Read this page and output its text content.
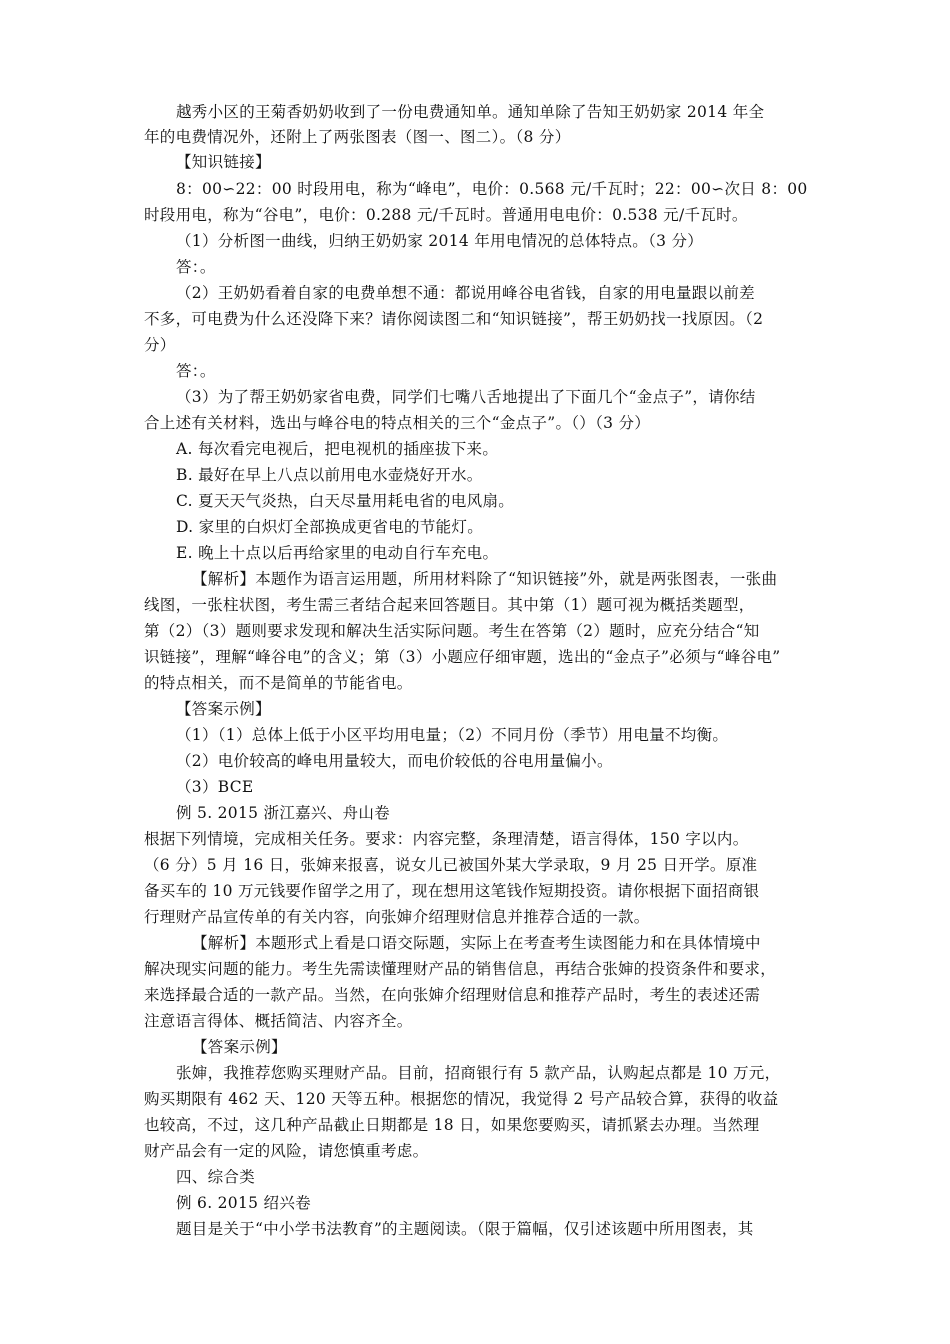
越秀小区的王菊香奶奶收到了一份电费通知单。通知单除了告知王奶奶家 2014 年全
年的电费情况外，还附上了两张图表（图一、图二）。（8 分）
【知识链接】
8：00∽22：00 时段用电，称为“峰电”，电价：0.568 元/千瓦时；22：00∽次日 8：00
时段用电，称为“谷电”，电价：0.288 元/千瓦时。普通用电电价：0.538 元/千瓦时。
（1）分析图一曲线，归纳王奶奶家 2014 年用电情况的总体特点。（3 分）
答：。
（2）王奶奶看着自家的电费单想不通：都说用峰谷电省钱，自家的用电量跟以前差
不多，可电费为什么还没降下来？请你阅读图二和“知识链接”，帮王奶奶找一找原因。（2
分）
答：。
（3）为了帮王奶奶家省电费，同学们七嘴八舌地提出了下面几个“金点子”，请你结
合上述有关材料，选出与峰谷电的特点相关的三个“金点子”。（）（3 分）
A. 每次看完电视后，把电视机的插座拔下来。
B. 最好在早上八点以前用电水壶烧好开水。
C. 夏天天气炎热，白天尽量用耗电省的电风扇。
D. 家里的白炽灯全部换成更省电的节能灯。
E. 晚上十点以后再给家里的电动自行车充电。
【解析】本题作为语言运用题，所用材料除了“知识链接”外，就是两张图表，一张曲
线图，一张柱状图，考生需三者结合起来回答题目。其中第（1）题可视为概括类题型，
第（2）（3）题则要求发现和解决生活实际问题。考生在答第（2）题时，应充分结合“知
识链接”，理解“峰谷电”的含义；第（3）小题应仔细审题，选出的“金点子”必须与“峰谷电”
的特点相关，而不是简单的节能省电。
【答案示例】
（1）（1）总体上低于小区平均用电量；（2）不同月份（季节）用电量不均衡。
（2）电价较高的峰电用量较大，而电价较低的谷电用量偏小。
（3）BCE
例 5. 2015 浙江嘉兴、舟山卷
根据下列情境，完成相关任务。要求：内容完整，条理清楚，语言得体，150 字以内。
（6 分）5 月 16 日，张婶来报喜，说女儿已被国外某大学录取，9 月 25 日开学。原准
备买车的 10 万元钱要作留学之用了，现在想用这笔钱作短期投资。请你根据下面招商银
行理财产品宣传单的有关内容，向张婶介绍理财信息并推荐合适的一款。
【解析】本题形式上看是口语交际题，实际上在考查考生读图能力和在具体情境中
解决现实问题的能力。考生先需读懂理财产品的销售信息，再结合张婶的投资条件和要求，
来选择最合适的一款产品。当然，在向张婶介绍理财信息和推荐产品时，考生的表述还需
注意语言得体、概括简洁、内容齐全。
【答案示例】
张婶，我推荐您购买理财产品。目前，招商银行有 5 款产品，认购起点都是 10 万元，
购买期限有 462 天、120 天等五种。根据您的情况，我觉得 2 号产品较合算，获得的收益
也较高，不过，这几种产品截止日期都是 18 日，如果您要购买，请抓紧去办理。当然理
财产品会有一定的风险，请您慎重考虑。
四、综合类
例 6. 2015 绍兴卷
题目是关于“中小学书法教育”的主题阅读。（限于篇幅，仅引述该题中所用图表，其
